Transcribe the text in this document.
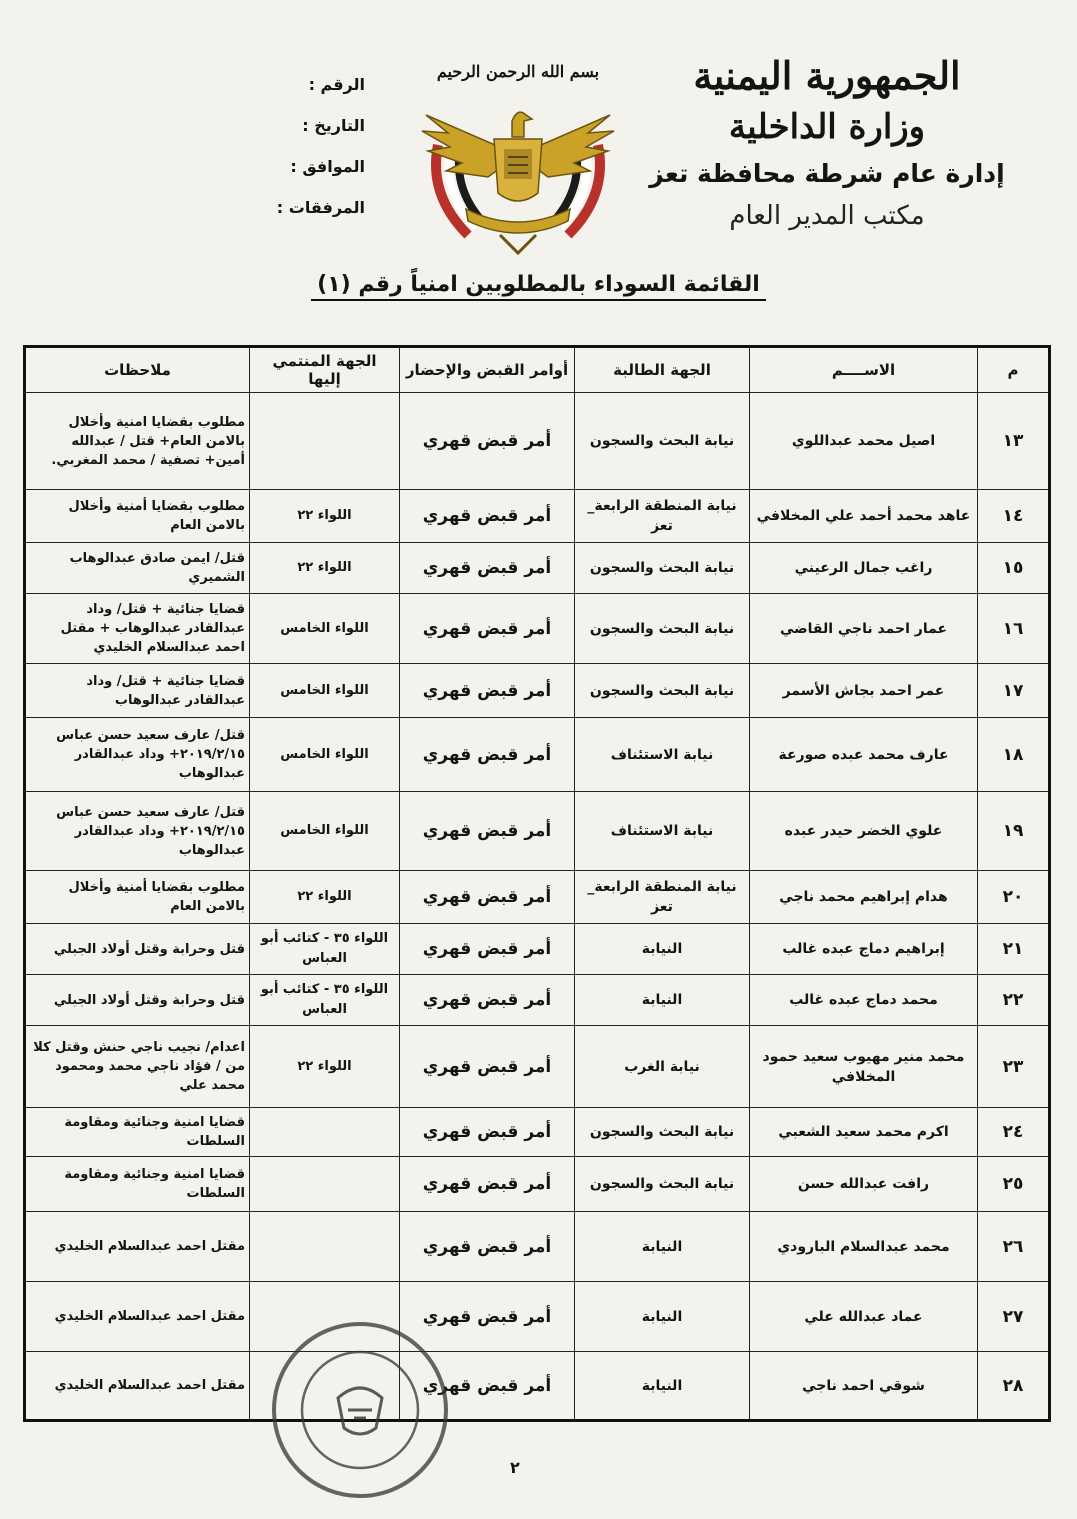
الجمهورية اليمنية
وزارة الداخلية
إدارة عام شرطة محافظة تعز
مكتب المدير العام
بسم الله الرحمن الرحيم
الرقم :
التاريخ :
الموافق :
المرفقات :
القائمة السوداء بالمطلوبين امنياً رقم (١)
م	الاســــم	الجهة الطالبة	أوامر القبض والإحضار	الجهة المنتمي إليها	ملاحظات
١٣	اصيل محمد عبداللوي	نيابة البحث والسجون	أمر قبض قهري		مطلوب بقضايا امنية وأخلال بالامن العام+ قتل / عبدالله أمين+ تصفية / محمد المغربي.
١٤	عاهد محمد أحمد علي المخلافي	نيابة المنطقة الرابعة_ تعز	أمر قبض قهري	اللواء ٢٢	مطلوب بقضايا أمنية وأخلال بالامن العام
١٥	راغب جمال الرعيني	نيابة البحث والسجون	أمر قبض قهري	اللواء ٢٢	قتل/ ايمن صادق عبدالوهاب الشميري
١٦	عمار احمد ناجي القاضي	نيابة البحث والسجون	أمر قبض قهري	اللواء الخامس	قضايا جنائية + قتل/ وداد عبدالقادر عبدالوهاب + مقتل احمد عبدالسلام الخليدي
١٧	عمر احمد بجاش الأسمر	نيابة البحث والسجون	أمر قبض قهري	اللواء الخامس	قضايا جنائية + قتل/ وداد عبدالقادر عبدالوهاب
١٨	عارف محمد عبده صورعة	نيابة الاستئناف	أمر قبض قهري	اللواء الخامس	قتل/ عارف سعيد حسن عباس ٢٠١٩/٢/١٥+ وداد عبدالقادر عبدالوهاب
١٩	علوي الخضر حيدر عبده	نيابة الاستئناف	أمر قبض قهري	اللواء الخامس	قتل/ عارف سعيد حسن عباس ٢٠١٩/٢/١٥+ وداد عبدالقادر عبدالوهاب
٢٠	هدام إبراهيم محمد ناجي	نيابة المنطقة الرابعة_ تعز	أمر قبض قهري	اللواء ٢٢	مطلوب بقضايا أمنية وأخلال بالامن العام
٢١	إبراهيم دماج عبده غالب	النيابة	أمر قبض قهري	اللواء ٣٥ - كتائب أبو العباس	قتل وحرابة وقتل أولاد الجبلي
٢٢	محمد دماج عبده غالب	النيابة	أمر قبض قهري	اللواء ٣٥ - كتائب أبو العباس	قتل وحرابة وقتل أولاد الجبلي
٢٣	محمد منير مهيوب سعيد حمود المخلافي	نيابة الغرب	أمر قبض قهري	اللواء ٢٢	اعدام/ نجيب ناجي حنش وقتل كلا من / فؤاد ناجي محمد ومحمود محمد علي
٢٤	اكرم محمد سعيد الشعبي	نيابة البحث والسجون	أمر قبض قهري		قضايا امنية وجنائية ومقاومة السلطات
٢٥	رافت عبدالله حسن	نيابة البحث والسجون	أمر قبض قهري		قضايا امنية وجنائية ومقاومة السلطات
٢٦	محمد عبدالسلام البارودي	النيابة	أمر قبض قهري		مقتل احمد عبدالسلام الخليدي
٢٧	عماد عبدالله علي	النيابة	أمر قبض قهري		مقتل احمد عبدالسلام الخليدي
٢٨	شوقي احمد ناجي	النيابة	أمر قبض قهري		مقتل احمد عبدالسلام الخليدي
٢
